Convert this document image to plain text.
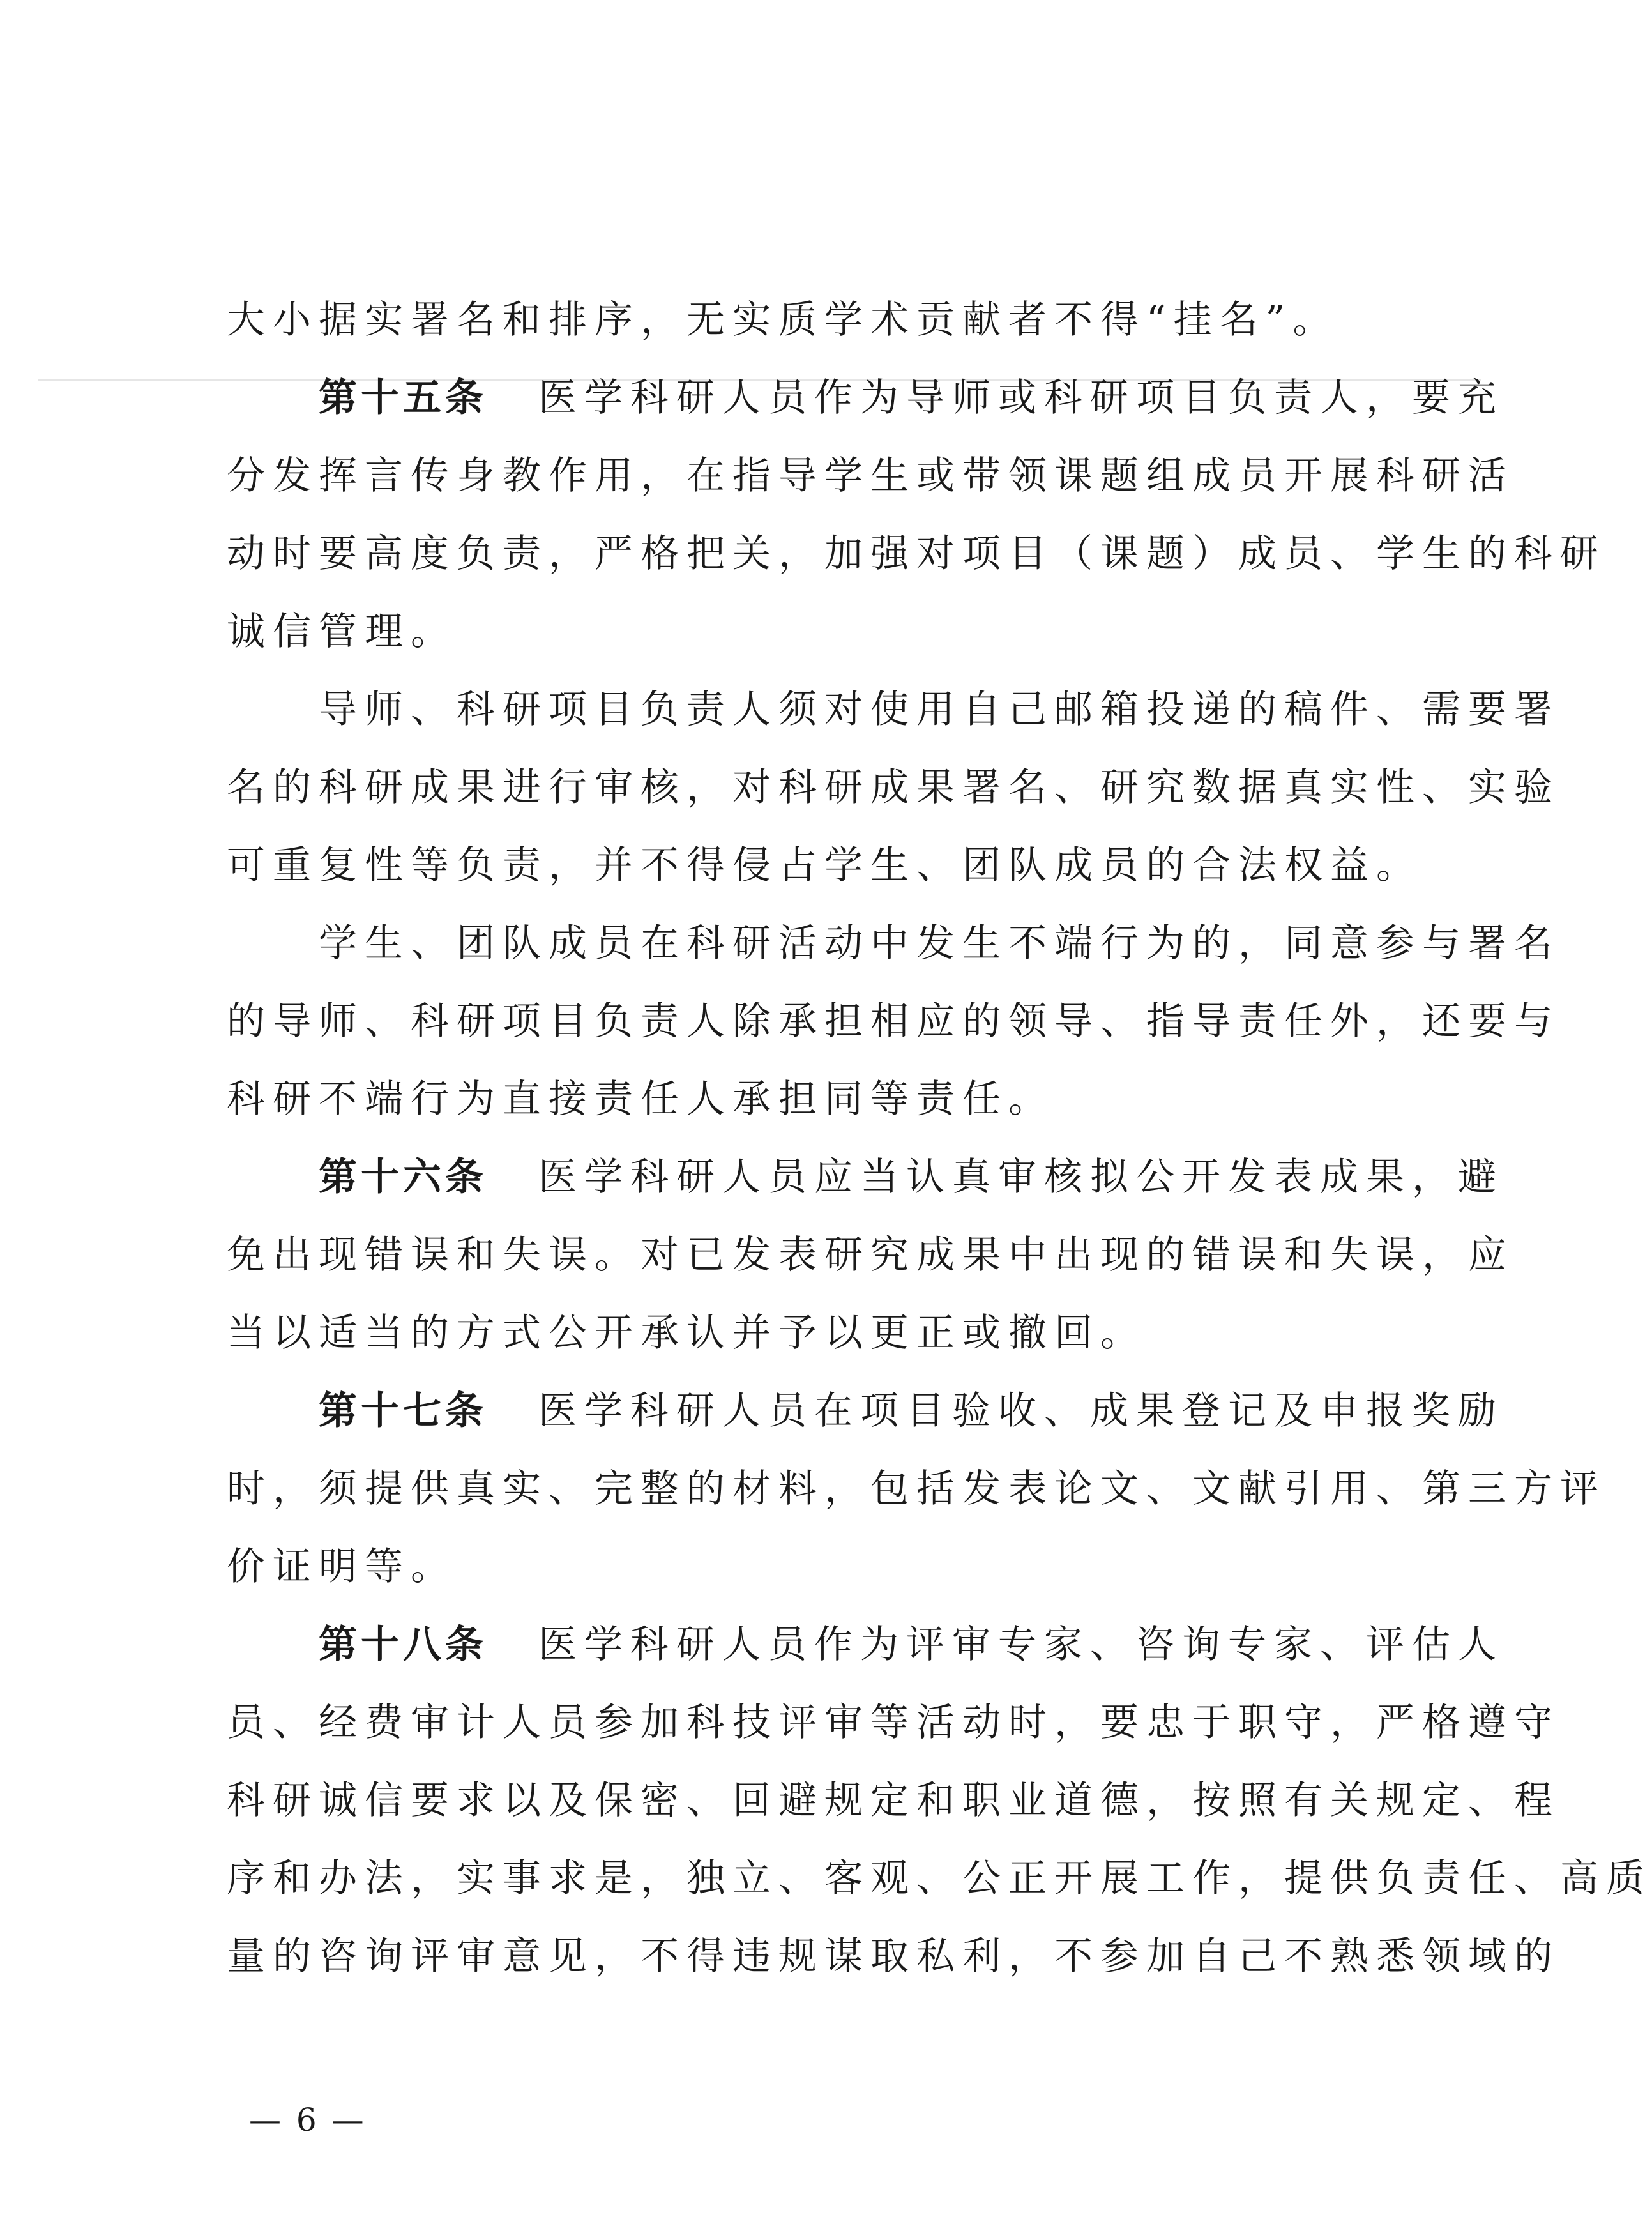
大小据实署名和排序，无实质学术贡献者不得“挂名”。
第十五条 医学科研人员作为导师或科研项目负责人，要充
分发挥言传身教作用，在指导学生或带领课题组成员开展科研活
动时要高度负责，严格把关，加强对项目（课题）成员、学生的科研
诚信管理。
导师、科研项目负责人须对使用自己邮箱投递的稿件、需要署
名的科研成果进行审核，对科研成果署名、研究数据真实性、实验
可重复性等负责，并不得侵占学生、团队成员的合法权益。
学生、团队成员在科研活动中发生不端行为的，同意参与署名
的导师、科研项目负责人除承担相应的领导、指导责任外，还要与
科研不端行为直接责任人承担同等责任。
第十六条 医学科研人员应当认真审核拟公开发表成果，避
免出现错误和失误。对已发表研究成果中出现的错误和失误，应
当以适当的方式公开承认并予以更正或撤回。
第十七条 医学科研人员在项目验收、成果登记及申报奖励
时，须提供真实、完整的材料，包括发表论文、文献引用、第三方评
价证明等。
第十八条 医学科研人员作为评审专家、咨询专家、评估人
员、经费审计人员参加科技评审等活动时，要忠于职守，严格遵守
科研诚信要求以及保密、回避规定和职业道德，按照有关规定、程
序和办法，实事求是，独立、客观、公正开展工作，提供负责任、高质
量的咨询评审意见，不得违规谋取私利，不参加自己不熟悉领域的
— 6 —
